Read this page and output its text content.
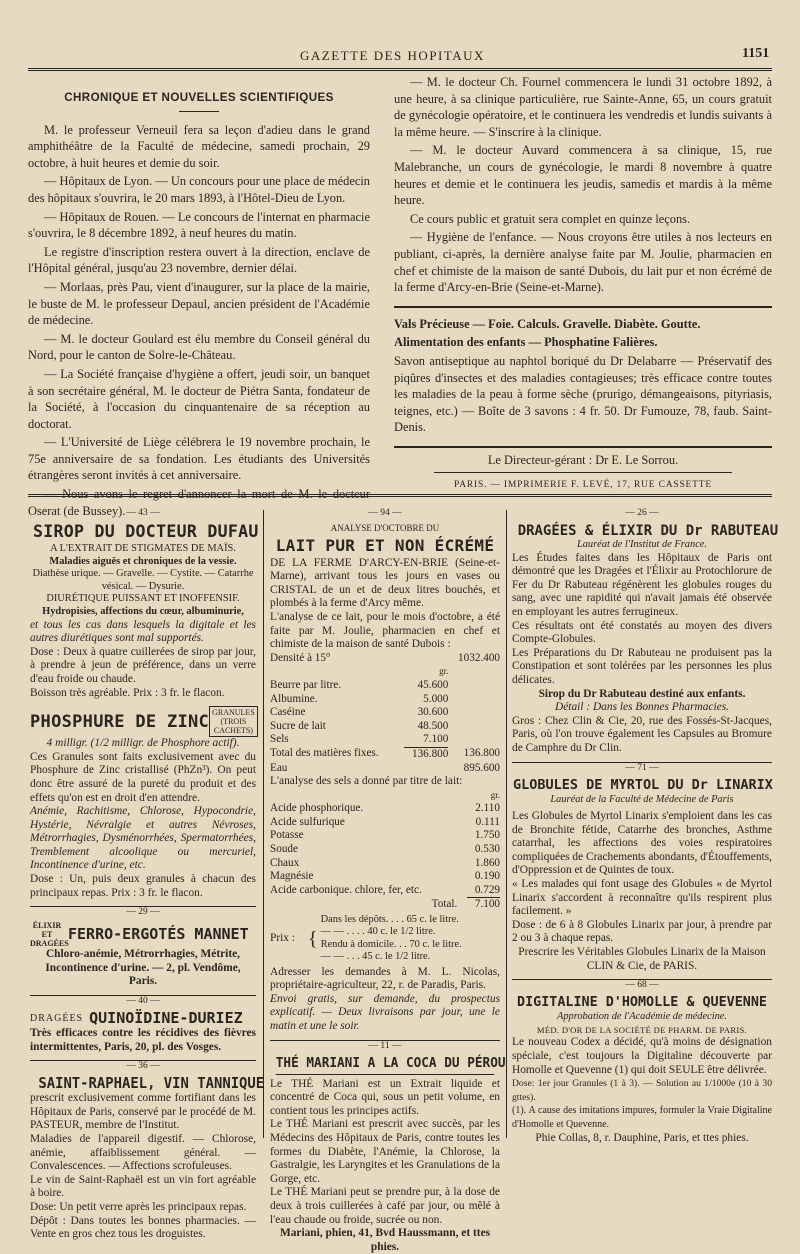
GAZETTE DES HOPITAUX	1151
CHRONIQUE ET NOUVELLES SCIENTIFIQUES

M. le professeur Verneuil fera sa leçon d'adieu dans le grand amphithéâtre de la Faculté de médecine, samedi prochain, 29 octobre, à huit heures et demie du soir.

— Hôpitaux de Lyon. — Un concours pour une place de médecin des hôpitaux s'ouvrira, le 20 mars 1893, à l'Hôtel-Dieu de Lyon.

— Hôpitaux de Rouen. — Le concours de l'internat en pharmacie s'ouvrira, le 8 décembre 1892, à neuf heures du matin.

Le registre d'inscription restera ouvert à la direction, enclave de l'Hôpital général, jusqu'au 23 novembre, dernier délai.

— Morlaas, près Pau, vient d'inaugurer, sur la place de la mairie, le buste de M. le professeur Depaul, ancien président de l'Académie de médecine.

— M. le docteur Goulard est élu membre du Conseil général du Nord, pour le canton de Solre-le-Château.

— La Société française d'hygiène a offert, jeudi soir, un banquet à son secrétaire général, M. le docteur de Piétra Santa, fondateur de la Société, à l'occasion du cinquantenaire de sa réception au doctorat.

— L'Université de Liège célébrera le 19 novembre prochain, le 75e anniversaire de sa fondation. Les étudiants des Universités étrangères seront invités à cet anniversaire.

— Nous avons le regret d'annoncer la mort de M. le docteur Oserat (de Bussey).

— M. le docteur Ch. Fournel commencera le lundi 31 octobre 1892, à une heure, à sa clinique particulière, rue Sainte-Anne, 65, un cours gratuit de gynécologie opératoire, et le continuera les vendredis et lundis suivants à la même heure. — S'inscrire à la clinique.

— M. le docteur Auvard commencera à sa clinique, 15, rue Malebranche, un cours de gynécologie, le mardi 8 novembre à quatre heures et demie et le continuera les jeudis, samedis et mardis à la même heure.

Ce cours public et gratuit sera complet en quinze leçons.

— Hygiène de l'enfance. — Nous croyons être utiles à nos lecteurs en publiant, ci-après, la dernière analyse faite par M. Joulie, pharmacien en chef et chimiste de la maison de santé Dubois, du lait pur et non écrémé de la ferme d'Arcy-en-Brie (Seine-et-Marne).

Vals Précieuse — Foie. Calculs. Gravelle. Diabète. Goutte.

Alimentation des enfants — Phosphatine Falières.

Savon antiseptique au naphtol boriqué du Dr Delabarre — Préservatif des piqûres d'insectes et des maladies contagieuses; très efficace contre toutes les maladies de la peau à forme sèche (prurigo, démangeaisons, pityriasis, teignes, etc.) — Boîte de 3 savons : 4 fr. 50. Dr Fumouze, 78, faub. Saint-Denis.

Le Directeur-gérant : Dr E. Le Sorrou.

PARIS. — IMPRIMERIE F. LEVÉ, 17, RUE CASSETTE
— 43 —
SIROP DU DOCTEUR DUFAU
A L'EXTRAIT DE STIGMATES DE MAÏS.
Maladies aiguës et chroniques de la vessie.
Diathèse urique. — Gravelle. — Cystite. — Catarrhe vésical. — Dysurie.
DIURÉTIQUE PUISSANT ET INOFFENSIF.
Hydropisies, affections du cœur, albuminurie,

et tous les cas dans lesquels la digitale et les autres diurétiques sont mal supportés.

Dose : Deux à quatre cuillerées de sirop par jour, à prendre à jeun de préférence, dans un verre d'eau froide ou chaude.

Boisson très agréable. Prix : 3 fr. le flacon.

PHOSPHURE DE ZINC GRANULES (TROIS CACHETS)

4 milligr. (1/2 milligr. de Phosphore actif).

Ces Granules sont faits exclusivement avec du Phosphure de Zinc cristallisé (PhZn³). On peut donc être assuré de la pureté du produit et des effets qu'on est en droit d'en attendre.

Anémie, Rachitisme, Chlorose, Hypocondrie, Hystérie, Névralgie et autres Névroses, Métrorrhagies, Dysménorrhées, Spermatorrhées, Tremblement alcoolique ou mercuriel, Incontinence d'urine, etc.

Dose : Un, puis deux granules à chacun des principaux repas. Prix : 3 fr. le flacon.

— 29 —
ÉLIXIR ET DRAGÉES
FERRO-ERGOTÉS MANNET

Chloro-anémie, Métrorrhagies, Métrite, Incontinence d'urine. — 2, pl. Vendôme, Paris.

— 40 —
DRAGÉES QUINOÏDINE-DURIEZ

Très efficaces contre les récidives des fièvres intermittentes, Paris, 20, pl. des Vosges.

— 36 —
SAINT-RAPHAEL, VIN TANNIQUE

prescrit exclusivement comme fortifiant dans les Hôpitaux de Paris, conservé par le procédé de M. PASTEUR, membre de l'Institut.

Maladies de l'appareil digestif. — Chlorose, anémie, affaiblissement général. — Convalescences. — Affections scrofuleuses.

Le vin de Saint-Raphaël est un vin fort agréable à boire.

Dose: Un petit verre après les principaux repas.

Dépôt : Dans toutes les bonnes pharmacies. — Vente en gros chez tous les droguistes.

— 94 —
ANALYSE D'OCTOBRE DU
LAIT PUR ET NON ÉCRÉMÉ

DE LA FERME D'ARCY-EN-BRIE (Seine-et-Marne), arrivant tous les jours en vases ou CRISTAL de un et de deux litres bouchés, et plombés à la ferme d'Arcy même.

L'analyse de ce lait, pour le mois d'octobre, a été faite par M. Joulie, pharmacien en chef et chimiste de la maison de santé Dubois :

Densité à 15°		1032.400
	gr.	
Beurre par litre.	45.600	
Albumine.	5.000	
Caséine	30.600	
Sucre de lait	48.500	
Sels	7.100	
Total des matières fixes.	136.800	136.800
Eau		895.600

L'analyse des sels a donné par titre de lait:

	gr.
Acide phosphorique.	2.110
Acide sulfurique	0.111
Potasse	1.750
Soude	0.530
Chaux	1.860
Magnésie	0.190
Acide carbonique. chlore, fer, etc.	0.729
Total.	7.100
Prix : {
Dans les dépôts. . . . 65 c. le litre.
— — . . . . 40 c. le 1/2 litre.
Rendu à domicile. . . 70 c. le litre.
— — . . . 45 c. le 1/2 litre.

Adresser les demandes à M. L. Nicolas, propriétaire-agriculteur, 22, r. de Paradis, Paris.

Envoi gratis, sur demande, du prospectus explicatif. — Deux livraisons par jour, une le matin et une le soir.

— 11 —
THÉ MARIANI A LA COCA DU PÉROU

Le THÉ Mariani est un Extrait liquide et concentré de Coca qui, sous un petit volume, en contient tous les principes actifs.

Le THÉ Mariani est prescrit avec succès, par les Médecins des Hôpitaux de Paris, contre toutes les formes du Diabète, l'Anémie, la Chlorose, la Gastralgie, les Laryngites et les Granulations de la Gorge, etc.

Le THÉ Mariani peut se prendre pur, à la dose de deux à trois cuillerées à café par jour, ou mêlé à l'eau chaude ou froide, sucrée ou non.

Mariani, phien, 41, Bvd Haussmann, et ttes phies.

— 26 —
DRAGÉES & ÉLIXIR DU Dr RABUTEAU
Lauréat de l'Institut de France.

Les Études faites dans les Hôpitaux de Paris ont démontré que les Dragées et l'Élixir au Protochlorure de Fer du Dr Rabuteau régénèrent les globules rouges du sang, avec une rapidité qui n'avait jamais été observée en employant les autres ferrugineux.

Ces résultats ont été constatés au moyen des divers Compte-Globules.

Les Préparations du Dr Rabuteau ne produisent pas la Constipation et sont tolérées par les personnes les plus délicates.

Sirop du Dr Rabuteau destiné aux enfants.

Détail : Dans les Bonnes Pharmacies.

Gros : Chez Clin & Cie, 20, rue des Fossés-St-Jacques, Paris, où l'on trouve également les Capsules au Bromure de Camphre du Dr Clin.

— 71 —
GLOBULES DE MYRTOL DU Dr LINARIX
Lauréat de la Faculté de Médecine de Paris

Les Globules de Myrtol Linarix s'emploient dans les cas de Bronchite fétide, Catarrhe des bronches, Asthme catarrhal, les affections des voies respiratoires compliquées de Crachements abondants, d'Étouffements, d'Oppression et de Quintes de toux.

« Les malades qui font usage des Globules « de Myrtol Linarix s'accordent à reconnaître qu'ils respirent plus facilement. »

Dose : de 6 à 8 Globules Linarix par jour, à prendre par 2 ou 3 à chaque repas.

Prescrire les Véritables Globules Linarix de la Maison CLIN & Cie, de PARIS.

— 68 —
DIGITALINE D'HOMOLLE & QUEVENNE
Approbation de l'Académie de médecine.
MÉD. D'OR DE LA SOCIÉTÉ DE PHARM. DE PARIS.

Le nouveau Codex a décidé, qu'à moins de désignation spéciale, c'est toujours la Digitaline découverte par Homolle et Quevenne (1) qui doit SEULE être délivrée.

Dose: 1er jour Granules (1 à 3). — Solution au 1/1000e (10 à 30 gttes).

(1). A cause des imitations impures, formuler la Vraie Digitaline d'Homolle et Quevenne.

Phie Collas, 8, r. Dauphine, Paris, et ttes phies.
